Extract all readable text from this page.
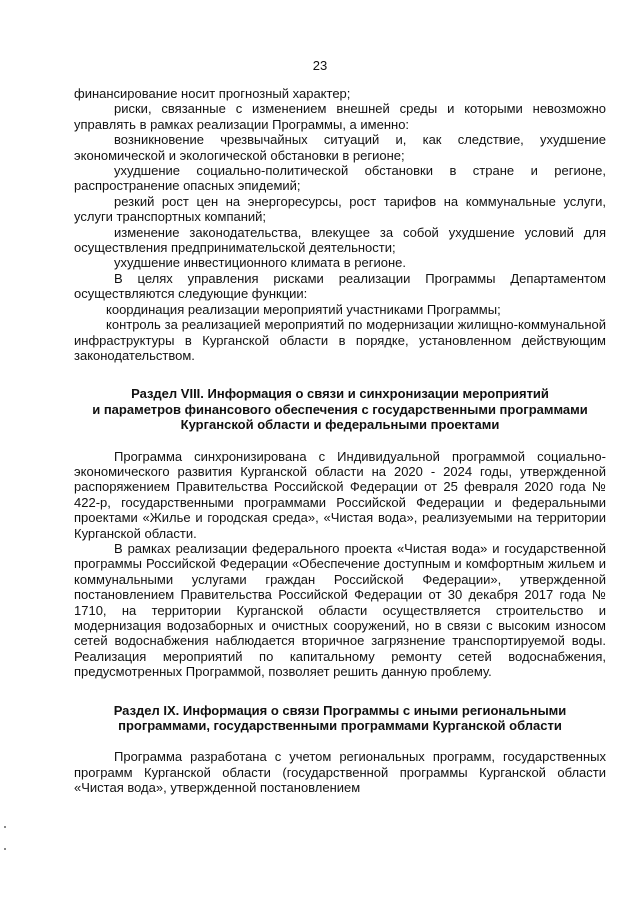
23

финансирование носит прогнозный характер;

риски, связанные с изменением внешней среды и которыми невозможно управлять в рамках реализации Программы, а именно:

возникновение чрезвычайных ситуаций и, как следствие, ухудшение экономической и экологической обстановки в регионе;

ухудшение социально-политической обстановки в стране и регионе, распространение опасных эпидемий;

резкий рост цен на энергоресурсы, рост тарифов на коммунальные услуги, услуги транспортных компаний;

изменение законодательства, влекущее за собой ухудшение условий для осуществления предпринимательской деятельности;

ухудшение инвестиционного климата в регионе.

В целях управления рисками реализации Программы Департаментом осуществляются следующие функции:

координация реализации мероприятий участниками Программы;

контроль за реализацией мероприятий по модернизации жилищно-коммунальной инфраструктуры в Курганской области в порядке, установленном действующим законодательством.

Раздел VIII. Информация о связи и синхронизации мероприятий
и параметров финансового обеспечения с государственными программами
Курганской области и федеральными проектами

Программа синхронизирована с Индивидуальной программой социально-экономического развития Курганской области на 2020 - 2024 годы, утвержденной распоряжением Правительства Российской Федерации от 25 февраля 2020 года № 422-р, государственными программами Российской Федерации и федеральными проектами «Жилье и городская среда», «Чистая вода», реализуемыми на территории Курганской области.

В рамках реализации федерального проекта «Чистая вода» и государственной программы Российской Федерации «Обеспечение доступным и комфортным жильем и коммунальными услугами граждан Российской Федерации», утвержденной постановлением Правительства Российской Федерации от 30 декабря 2017 года № 1710, на территории Курганской области осуществляется строительство и модернизация водозаборных и очистных сооружений, но в связи с высоким износом сетей водоснабжения наблюдается вторичное загрязнение транспортируемой воды. Реализация мероприятий по капитальному ремонту сетей водоснабжения, предусмотренных Программой, позволяет решить данную проблему.

Раздел IX. Информация о связи Программы с иными региональными
программами, государственными программами Курганской области

Программа разработана с учетом региональных программ, государственных программ Курганской области (государственной программы Курганской области «Чистая вода», утвержденной постановлением
